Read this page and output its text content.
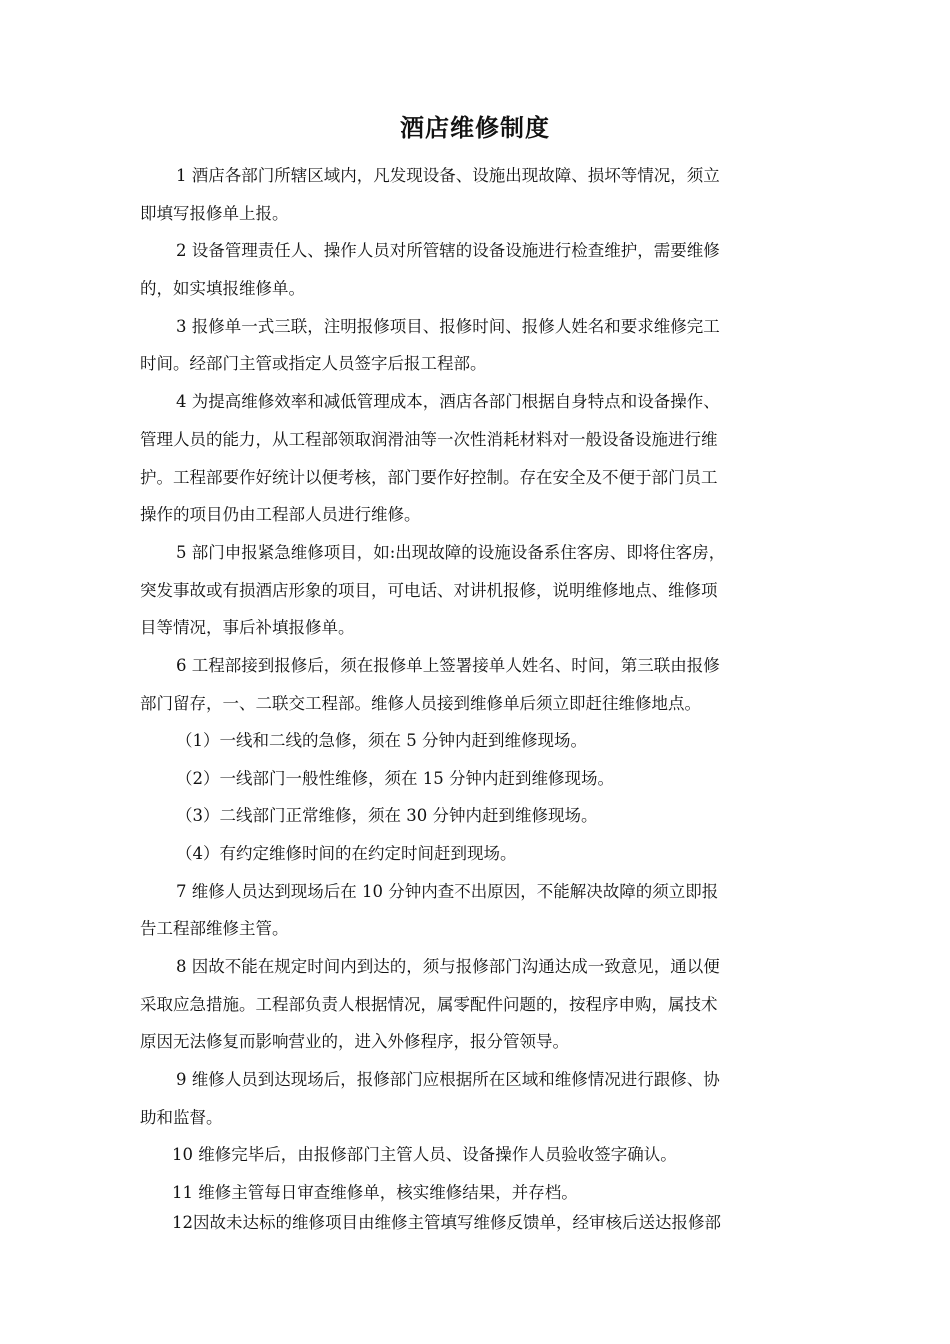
酒店维修制度
1 酒店各部门所辖区域内，凡发现设备、设施出现故障、损坏等情况，须立
即填写报修单上报。
2 设备管理责任人、操作人员对所管辖的设备设施进行检查维护，需要维修
的，如实填报维修单。
3 报修单一式三联，注明报修项目、报修时间、报修人姓名和要求维修完工
时间。经部门主管或指定人员签字后报工程部。
4 为提高维修效率和减低管理成本，酒店各部门根据自身特点和设备操作、
管理人员的能力，从工程部领取润滑油等一次性消耗材料对一般设备设施进行维
护。工程部要作好统计以便考核，部门要作好控制。存在安全及不便于部门员工
操作的项目仍由工程部人员进行维修。
5 部门申报紧急维修项目，如:出现故障的设施设备系住客房、即将住客房，
突发事故或有损酒店形象的项目，可电话、对讲机报修，说明维修地点、维修项
目等情况，事后补填报修单。
6 工程部接到报修后，须在报修单上签署接单人姓名、时间，第三联由报修
部门留存，一、二联交工程部。维修人员接到维修单后须立即赶往维修地点。
（1）一线和二线的急修，须在 5 分钟内赶到维修现场。
（2）一线部门一般性维修，须在 15 分钟内赶到维修现场。
（3）二线部门正常维修，须在 30 分钟内赶到维修现场。
（4）有约定维修时间的在约定时间赶到现场。
7 维修人员达到现场后在 10 分钟内查不出原因，不能解决故障的须立即报
告工程部维修主管。
8 因故不能在规定时间内到达的，须与报修部门沟通达成一致意见，通以便
采取应急措施。工程部负责人根据情况，属零配件问题的，按程序申购，属技术
原因无法修复而影响营业的，进入外修程序，报分管领导。
9 维修人员到达现场后，报修部门应根据所在区域和维修情况进行跟修、协
助和监督。
10 维修完毕后，由报修部门主管人员、设备操作人员验收签字确认。
11 维修主管每日审查维修单，核实维修结果，并存档。
12因故未达标的维修项目由维修主管填写维修反馈单，经审核后送达报修部
